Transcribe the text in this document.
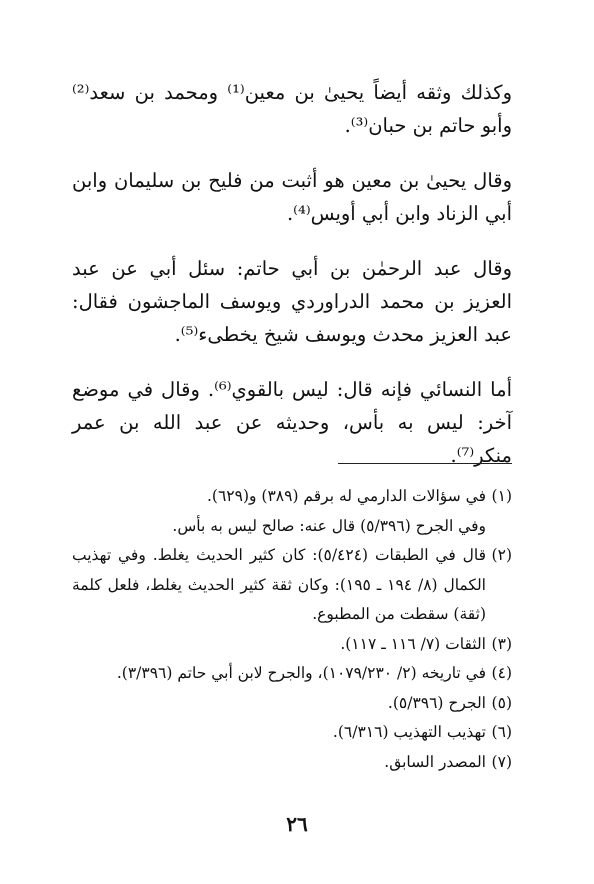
وكذلك وثقه أيضاً يحيىٰ بن معين⁽¹⁾ ومحمد بن سعد⁽²⁾ وأبو حاتم بن حبان⁽³⁾.

وقال يحيىٰ بن معين هو أثبت من فليح بن سليمان وابن أبي الزناد وابن أبي أويس⁽⁴⁾.

وقال عبد الرحمٰن بن أبي حاتم: سئل أبي عن عبد العزيز بن محمد الدراوردي ويوسف الماجشون فقال: عبد العزيز محدث ويوسف شيخ يخطىء⁽⁵⁾.

أما النسائي فإنه قال: ليس بالقوي⁽⁶⁾. وقال في موضع آخر: ليس به بأس، وحديثه عن عبد الله بن عمر منكر⁽⁷⁾.

(١)في سؤالات الدارمي له برقم (٣٨٩) و(٦٢٩).

وفي الجرح (٥/٣٩٦) قال عنه: صالح ليس به بأس.

(٢)قال في الطبقات (٥/٤٢٤): كان كثير الحديث يغلط. وفي تهذيب الكمال (٨/ ١٩٤ ـ ١٩٥): وكان ثقة كثير الحديث يغلط، فلعل كلمة (ثقة) سقطت من المطبوع.

(٣)الثقات (٧/ ١١٦ ـ ١١٧).

(٤)في تاريخه (٢/ ١٠٧٩/٢٣٠)، والجرح لابن أبي حاتم (٣/٣٩٦).

(٥)الجرح (٥/٣٩٦).

(٦)تهذيب التهذيب (٦/٣١٦).

(٧)المصدر السابق.

٢٦
